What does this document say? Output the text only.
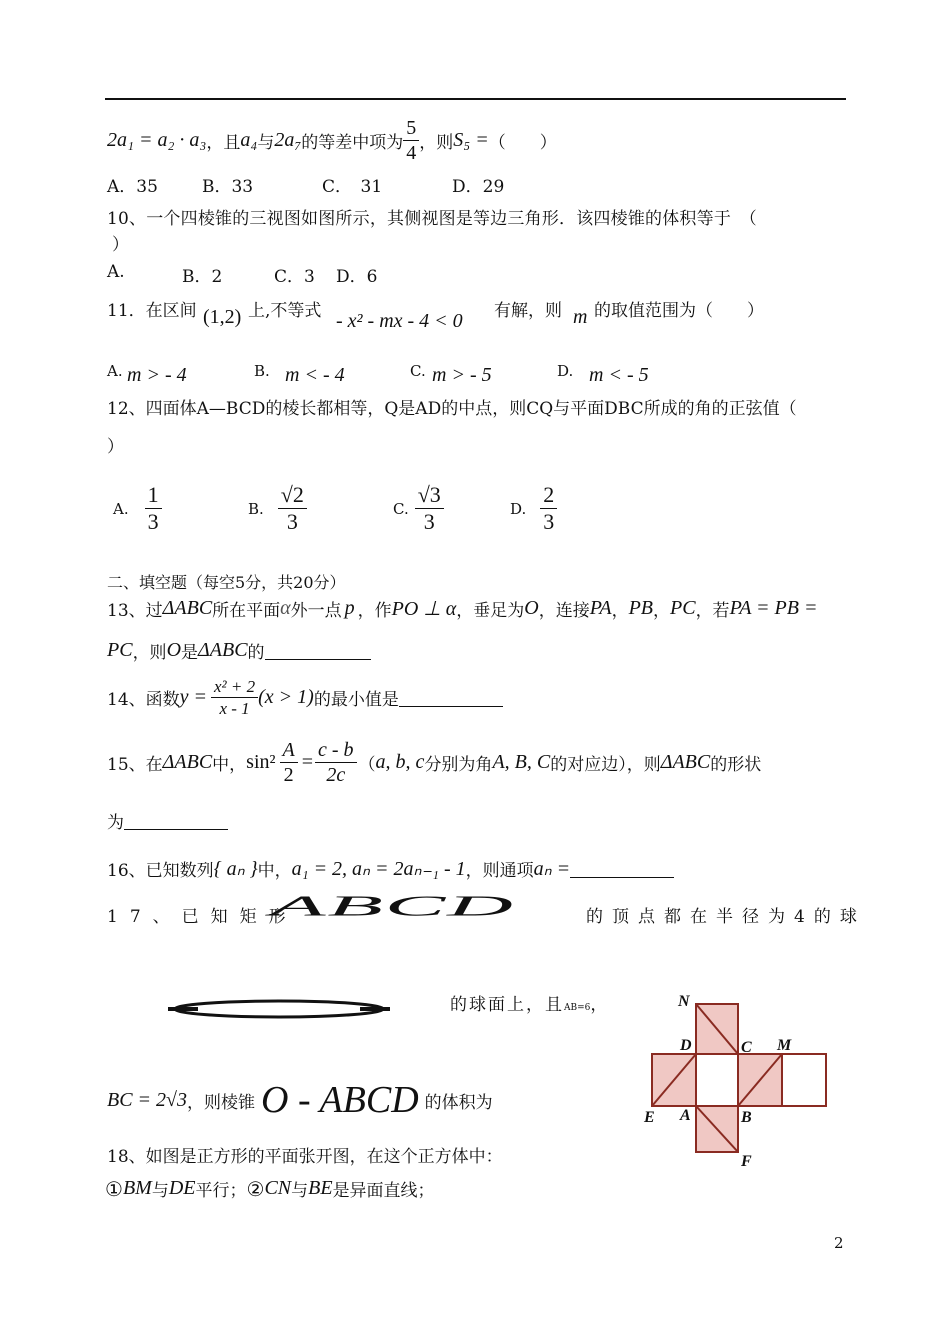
2a₁ = a₂ · a₃ ，且 a₄ 与 2a₇ 的等差中项为 $\frac{5}{4}$ ，则 S₅ = （　　）
A．35	B．33	C．　31	D．29
10、一个四棱锥的三视图如图所示，其侧视图是等边三角形．该四棱锥的体积等于　（
）
A.	B．2	C．3 D．6
11．在区间 (1,2) 上,不等式 - x² - mx - 4 < 0 有解，则 m 的取值范围为（　　）
A. m > - 4	B. m < - 4	C. m > - 5	D. m < - 5
12、四面体A—BCD的棱长都相等，Q是AD的中点，则CQ与平面DBC所成的角的正弦值（
）
A. $\frac{1}{3}$	B. $\frac{√2}{3}$	C. $\frac{√3}{3}$	D. $\frac{2}{3}$
二、填空题（每空5分，共20分）
13、过 ΔABC 所在平面 α 外一点 p ，作 PO ⊥ α ，垂足为 O ，连接 PA ， PB ， PC ，若 PA = PB =
PC ，则 O 是 ΔABC 的
14、函数 $y = \frac{\text{x² + 2}}{x - 1} (x > 1)$ 的最小值是
15、在 ΔABC 中， $\sin^2 \frac{A}{2} = \frac{c - b}{2c}$ （ a, b, c 分别为角 A, B, C 的对应边），则 ΔABC 的形状
为
16、已知数列 { aₙ } 中， a₁ = 2, aₙ = 2aₙ₋₁ - 1 ，则通项 aₙ =
17、已知矩形
ABCD	的顶点都在半径为4的球
的球面上，且 AB=6 ，
BC = 2√3 ，则棱锥 O - ABCD 的体积为
N
D	C M
E A	B
F
18、如图是正方形的平面张开图，在这个正方体中：
① BM 与 DE 平行； ② CN 与 BE 是异面直线；
2
